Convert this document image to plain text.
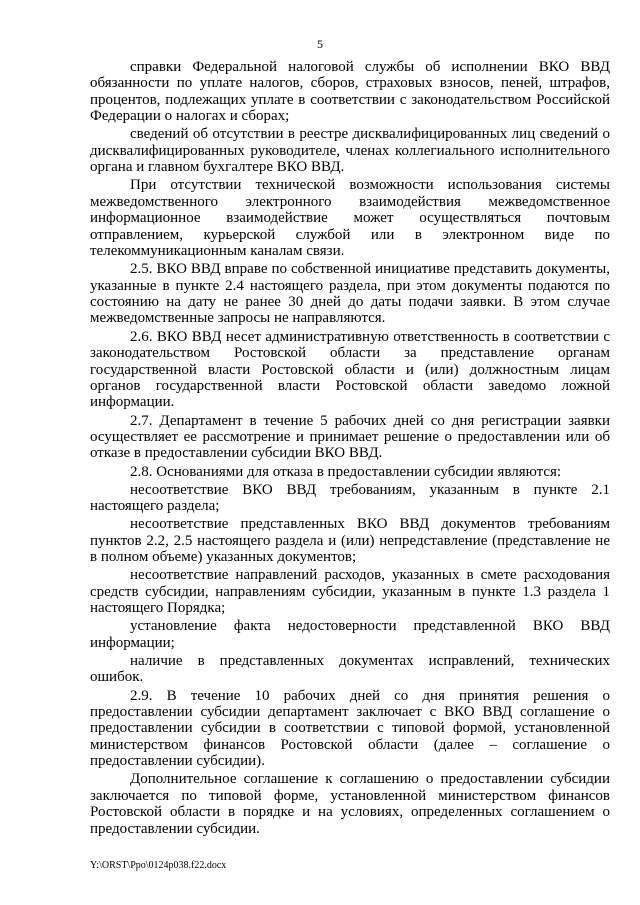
5

справки Федеральной налоговой службы об исполнении ВКО ВВД обязанности по уплате налогов, сборов, страховых взносов, пеней, штрафов, процентов, подлежащих уплате в соответствии с законодательством Российской Федерации о налогах и сборах;

сведений об отсутствии в реестре дисквалифицированных лиц сведений о дисквалифицированных руководителе, членах коллегиального исполнительного органа и главном бухгалтере ВКО ВВД.

При отсутствии технической возможности использования системы межведомственного электронного взаимодействия межведомственное информационное взаимодействие может осуществляться почтовым отправлением, курьерской службой или в электронном виде по телекоммуникационным каналам связи.

2.5. ВКО ВВД вправе по собственной инициативе представить документы, указанные в пункте 2.4 настоящего раздела, при этом документы подаются по состоянию на дату не ранее 30 дней до даты подачи заявки. В этом случае межведомственные запросы не направляются.

2.6. ВКО ВВД несет административную ответственность в соответствии с законодательством Ростовской области за представление органам государственной власти Ростовской области и (или) должностным лицам органов государственной власти Ростовской области заведомо ложной информации.

2.7. Департамент в течение 5 рабочих дней со дня регистрации заявки осуществляет ее рассмотрение и принимает решение о предоставлении или об отказе в предоставлении субсидии ВКО ВВД.

2.8. Основаниями для отказа в предоставлении субсидии являются:

несоответствие ВКО ВВД требованиям, указанным в пункте 2.1 настоящего раздела;

несоответствие представленных ВКО ВВД документов требованиям пунктов 2.2, 2.5 настоящего раздела и (или) непредставление (представление не в полном объеме) указанных документов;

несоответствие направлений расходов, указанных в смете расходования средств субсидии, направлениям субсидии, указанным в пункте 1.3 раздела 1 настоящего Порядка;

установление факта недостоверности представленной ВКО ВВД информации;

наличие в представленных документах исправлений, технических ошибок.

2.9. В течение 10 рабочих дней со дня принятия решения о предоставлении субсидии департамент заключает с ВКО ВВД соглашение о предоставлении субсидии в соответствии с типовой формой, установленной министерством финансов Ростовской области (далее – соглашение о предоставлении субсидии).

Дополнительное соглашение к соглашению о предоставлении субсидии заключается по типовой форме, установленной министерством финансов Ростовской области в порядке и на условиях, определенных соглашением о предоставлении субсидии.

Y:\ORST\Ppo\0124p038.f22.docx
